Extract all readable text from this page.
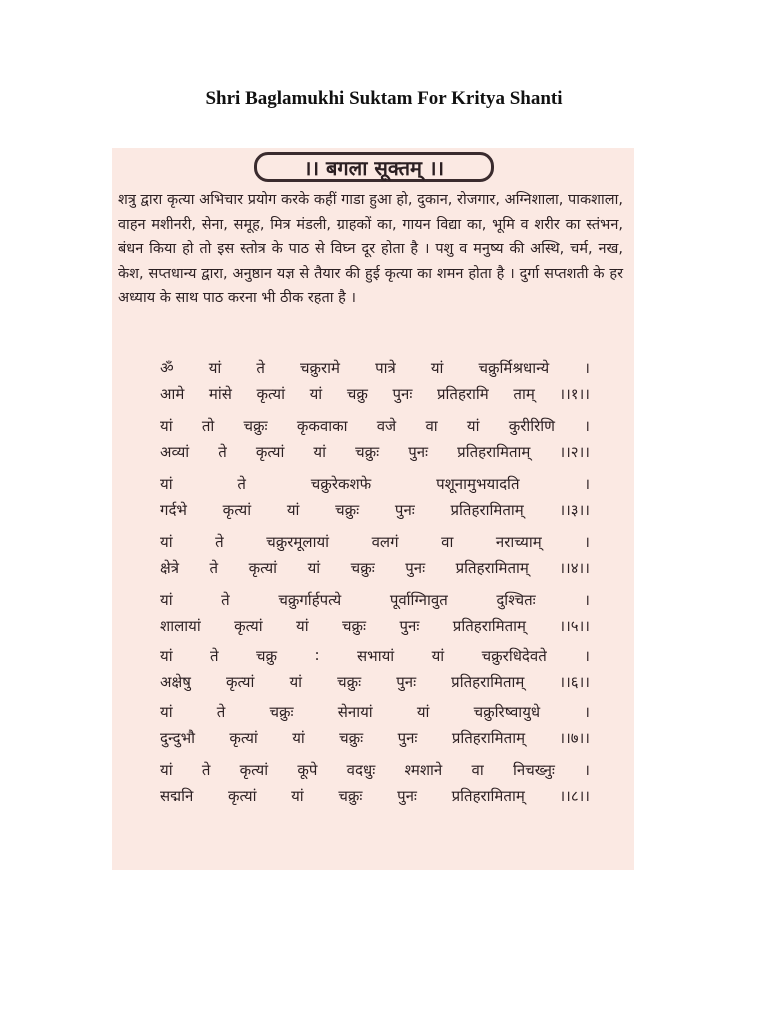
Shri Baglamukhi Suktam For Kritya Shanti
।। बगला सूक्तम् ।।
शत्रु द्वारा कृत्या अभिचार प्रयोग करके कहीं गाडा हुआ हो, दुकान, रोजगार, अग्निशाला, पाकशाला, वाहन मशीनरी, सेना, समूह, मित्र मंडली, ग्राहकों का, गायन विद्या का, भूमि व शरीर का स्तंभन, बंधन किया हो तो इस स्तोत्र के पाठ से विघ्न दूर होता है । पशु व मनुष्य की अस्थि, चर्म, नख, केश, सप्तधान्य द्वारा, अनुष्ठान यज्ञ से तैयार की हुई कृत्या का शमन होता है । दुर्गा सप्तशती के हर अध्याय के साथ पाठ करना भी ठीक रहता है ।
ॐ यां ते चक्रुरामे पात्रे यां चक्रुर्मिश्रधान्ये ।
आमे मांसे कृत्यां यां चक्रु पुनः प्रतिहरामि ताम् ।।१।।
यां तो चक्रुः कृकवाका वजे वा यां कुरीरिणि ।
अव्यां ते कृत्यां यां चक्रुः पुनः प्रतिहरामिताम् ।।२।।
यां	ते	चक्रुरेकशफे	पशूनामुभयादति	।
गर्दभे कृत्यां यां चक्रुः पुनः प्रतिहरामिताम् ।।३।।
यां	ते	चक्रुरमूलायां	वलगं	वा	नराच्याम्	।
क्षेत्रे ते कृत्यां यां चक्रुः पुनः प्रतिहरामिताम् ।।४।।
यां	ते	चक्रुर्गार्हपत्ये	पूर्वाग्निावुत	दुश्चितः	।
शालायां कृत्यां यां चक्रुः पुनः प्रतिहरामिताम् ।।५।।
यां ते चक्रु : सभायां यां चक्रुरधिदेवते ।
अक्षेषु कृत्यां यां चक्रुः पुनः प्रतिहरामिताम् ।।६।।
यां	ते	चक्रुः	सेनायां	यां	चक्रुरिष्वायुधे	।
दुन्दुभौ कृत्यां यां चक्रुः पुनः प्रतिहरामिताम् ।।७।।
यां ते कृत्यां कूपे वदधुः श्मशाने वा निचख्नुः ।
सद्मनि कृत्यां यां चक्रुः पुनः प्रतिहरामिताम् ।।८।।
